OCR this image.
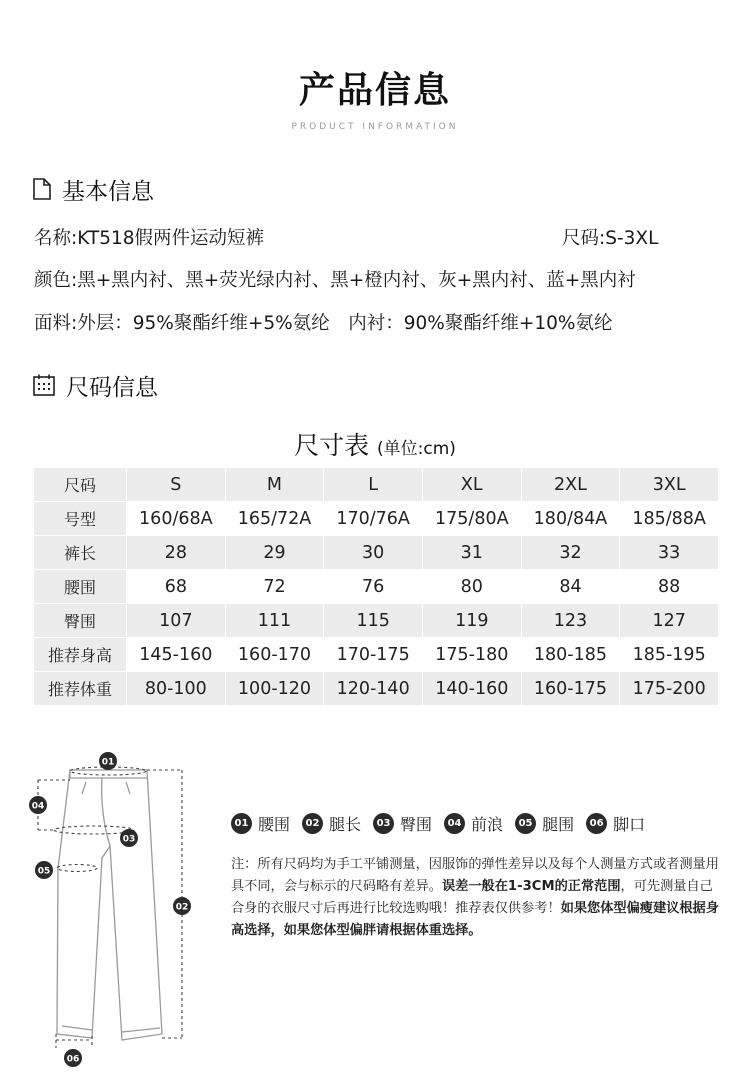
产品信息
PRODUCT INFORMATION
基本信息
名称:KT518假两件运动短裤	尺码:S-3XL
颜色:黑+黑内衬、黑+荧光绿内衬、黑+橙内衬、灰+黑内衬、蓝+黑内衬
面料:外层：95%聚酯纤维+5%氨纶　内衬：90%聚酯纤维+10%氨纶
尺码信息
尺寸表 (单位:cm)
尺码	S	M	L	XL	2XL	3XL
号型	160/68A	165/72A	170/76A	175/80A	180/84A	185/88A
裤长	28	29	30	31	32	33
腰围	68	72	76	80	84	88
臀围	107	111	115	119	123	127
推荐身高	145-160	160-170	170-175	175-180	180-185	185-195
推荐体重	80-100	100-120	120-140	140-160	160-175	175-200
01
04
03
05
02
06
01 腰围	02 腿长	03 臀围	04 前浪	05 腿围	06 脚口
注：所有尺码均为手工平铺测量，因服饰的弹性差异以及每个人测量方式或者测量用具不同，会与标示的尺码略有差异。误差一般在1-3CM的正常范围，可先测量自己合身的衣服尺寸后再进行比较选购哦！推荐表仅供参考！如果您体型偏瘦建议根据身高选择，如果您体型偏胖请根据体重选择。
